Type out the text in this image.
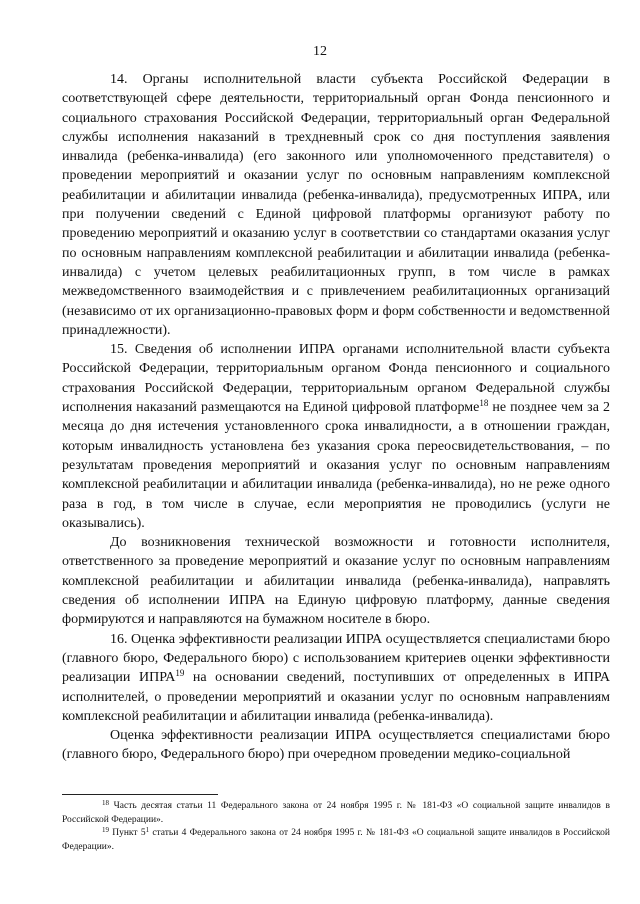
12

14. Органы исполнительной власти субъекта Российской Федерации в соответствующей сфере деятельности, территориальный орган Фонда пенсионного и социального страхования Российской Федерации, территориальный орган Федеральной службы исполнения наказаний в трехдневный срок со дня поступления заявления инвалида (ребенка-инвалида) (его законного или уполномоченного представителя) о проведении мероприятий и оказании услуг по основным направлениям комплексной реабилитации и абилитации инвалида (ребенка-инвалида), предусмотренных ИПРА, или при получении сведений с Единой цифровой платформы организуют работу по проведению мероприятий и оказанию услуг в соответствии со стандартами оказания услуг по основным направлениям комплексной реабилитации и абилитации инвалида (ребенка-инвалида) с учетом целевых реабилитационных групп, в том числе в рамках межведомственного взаимодействия и с привлечением реабилитационных организаций (независимо от их организационно-правовых форм и форм собственности и ведомственной принадлежности).

15. Сведения об исполнении ИПРА органами исполнительной власти субъекта Российской Федерации, территориальным органом Фонда пенсионного и социального страхования Российской Федерации, территориальным органом Федеральной службы исполнения наказаний размещаются на Единой цифровой платформе$^{18}$ не позднее чем за 2 месяца до дня истечения установленного срока инвалидности, а в отношении граждан, которым инвалидность установлена без указания срока переосвидетельствования, – по результатам проведения мероприятий и оказания услуг по основным направлениям комплексной реабилитации и абилитации инвалида (ребенка-инвалида), но не реже одного раза в год, в том числе в случае, если мероприятия не проводились (услуги не оказывались).

До возникновения технической возможности и готовности исполнителя, ответственного за проведение мероприятий и оказание услуг по основным направлениям комплексной реабилитации и абилитации инвалида (ребенка-инвалида), направлять сведения об исполнении ИПРА на Единую цифровую платформу, данные сведения формируются и направляются на бумажном носителе в бюро.

16. Оценка эффективности реализации ИПРА осуществляется специалистами бюро (главного бюро, Федерального бюро) с использованием критериев оценки эффективности реализации ИПРА$^{19}$ на основании сведений, поступивших от определенных в ИПРА исполнителей, о проведении мероприятий и оказании услуг по основным направлениям комплексной реабилитации и абилитации инвалида (ребенка-инвалида).

Оценка эффективности реализации ИПРА осуществляется специалистами бюро (главного бюро, Федерального бюро) при очередном проведении медико-социальной

$^{18}$ Часть десятая статьи 11 Федерального закона от 24 ноября 1995 г. № 181-ФЗ «О социальной защите инвалидов в Российской Федерации».

$^{19}$ Пункт $5^1$ статьи 4 Федерального закона от 24 ноября 1995 г. № 181-ФЗ «О социальной защите инвалидов в Российской Федерации».
